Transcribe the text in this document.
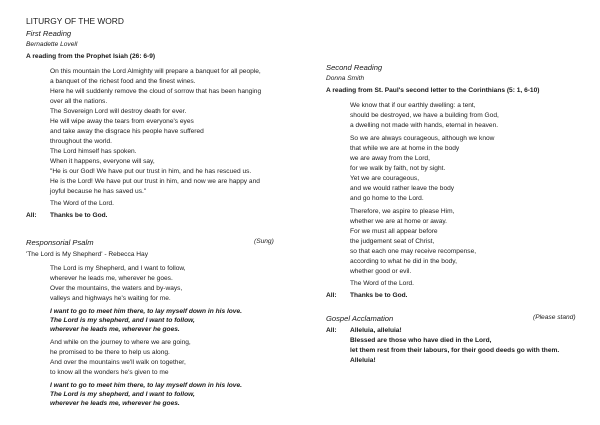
LITURGY OF THE WORD
First Reading
Bernadette Lovell
A reading from the Prophet Isiah (26: 6-9)
On this mountain the Lord Almighty will prepare a banquet for all people,
a banquet of the richest food and the finest wines.
Here he will suddenly remove the cloud of sorrow that has been hanging
over all the nations.
The Sovereign Lord will destroy death for ever.
He will wipe away the tears from everyone's eyes
and take away the disgrace his people have suffered
throughout the world.
The Lord himself has spoken.
When it happens, everyone will say,
"He is our God! We have put our trust in him, and he has rescued us.
He is the Lord! We have put our trust in him, and now we are happy and
joyful because he has saved us."
The Word of the Lord.
All: Thanks be to God.
Responsorial Psalm	(Sung)
'The Lord is My Shepherd' - Rebecca Hay
The Lord is my Shepherd, and I want to follow,
wherever he leads me, wherever he goes.
Over the mountains, the waters and by-ways,
valleys and highways he's waiting for me.
I want to go to meet him there, to lay myself down in his love.
The Lord is my shepherd, and I want to follow,
wherever he leads me, wherever he goes.
And while on the journey to where we are going,
he promised to be there to help us along.
And over the mountains we'll walk on together,
to know all the wonders he's given to me
I want to go to meet him there, to lay myself down in his love.
The Lord is my shepherd, and I want to follow,
wherever he leads me, wherever he goes.
Second Reading
Donna Smith
A reading from St. Paul's second letter to the Corinthians (5: 1, 6-10)
We know that if our earthly dwelling: a tent,
should be destroyed, we have a building from God,
a dwelling not made with hands, eternal in heaven.
So we are always courageous, although we know
that while we are at home in the body
we are away from the Lord,
for we walk by faith, not by sight.
Yet we are courageous,
and we would rather leave the body
and go home to the Lord.
Therefore, we aspire to please Him,
whether we are at home or away.
For we must all appear before
the judgement seat of Christ,
so that each one may receive recompense,
according to what he did in the body,
whether good or evil.
The Word of the Lord.
All: Thanks be to God.
Gospel Acclamation	(Please stand)
All: Alleluia, alleluia!
Blessed are those who have died in the Lord,
let them rest from their labours, for their good deeds go with them.
Alleluia!
